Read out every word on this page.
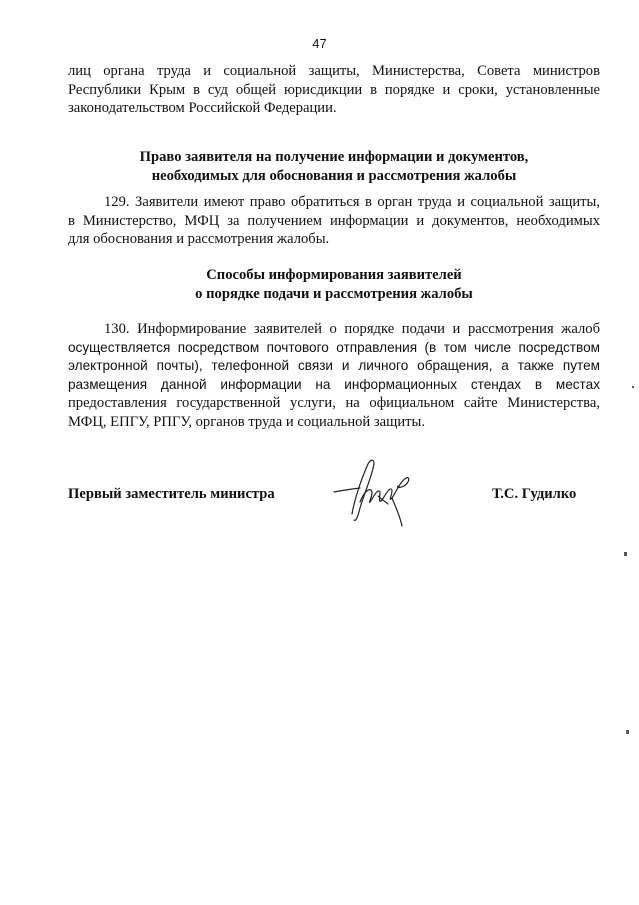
47
лиц органа труда и социальной защиты, Министерства, Совета министров
Республики Крым в суд общей юрисдикции в порядке и сроки, установленные
законодательством Российской Федерации.
Право заявителя на получение информации и документов,
необходимых для обоснования и рассмотрения жалобы
129. Заявители имеют право обратиться в орган труда и социальной защиты,
в Министерство, МФЦ за получением информации и документов, необходимых
для обоснования и рассмотрения жалобы.
Способы информирования заявителей
о порядке подачи и рассмотрения жалобы
130. Информирование заявителей о порядке подачи и рассмотрения жалоб
осуществляется посредством почтового отправления (в том числе посредством
электронной почты), телефонной связи и личного обращения, а также путем
размещения данной информации на информационных стендах в местах
предоставления государственной услуги, на официальном сайте Министерства,
МФЦ, ЕПГУ, РПГУ, органов труда и социальной защиты.
Первый заместитель министра	Т.С. Гудилко
